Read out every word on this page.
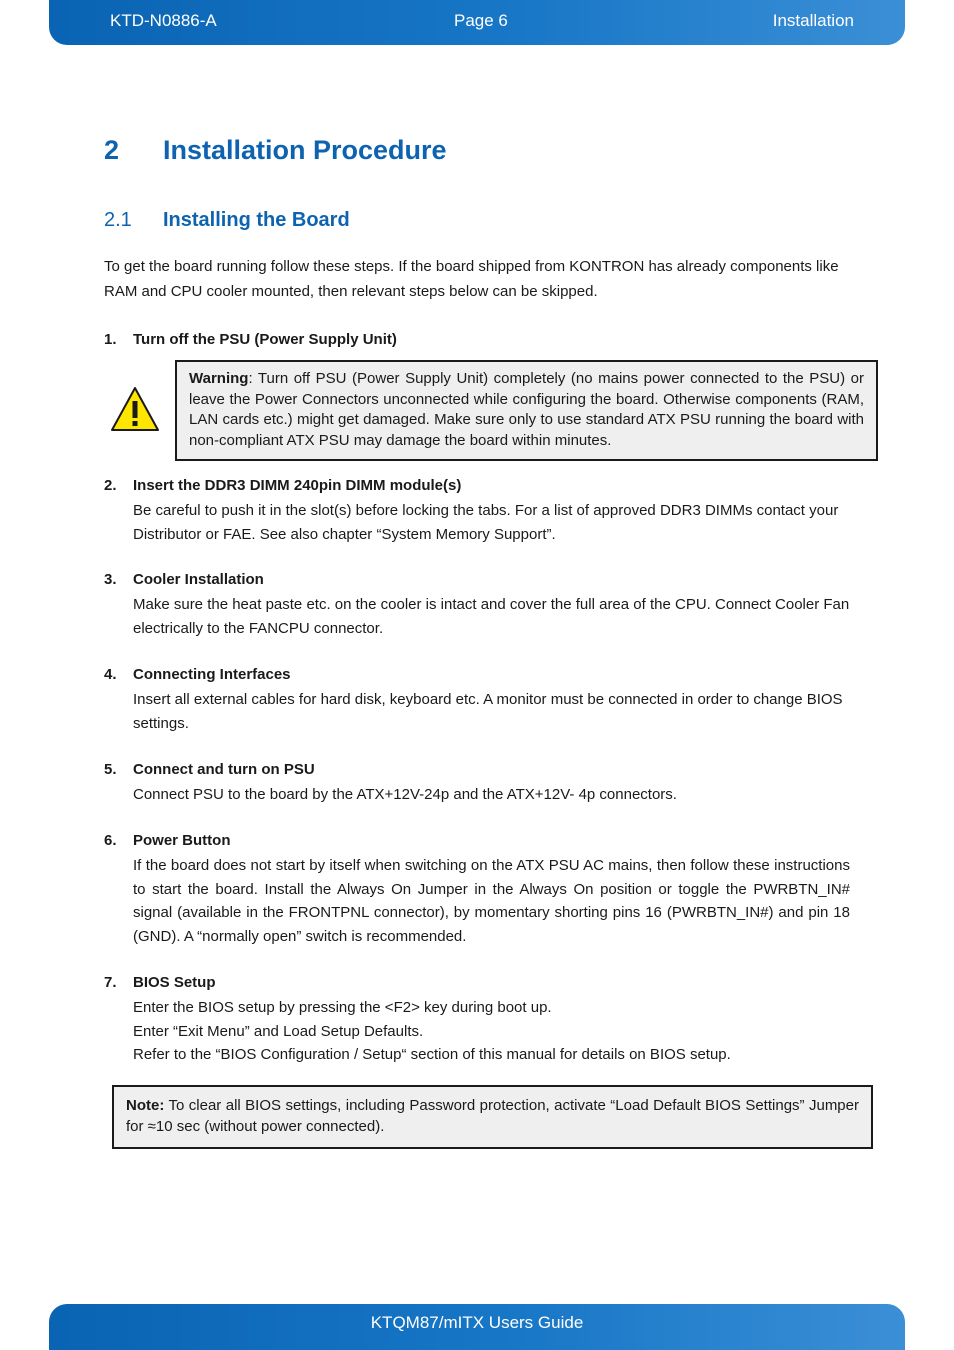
KTD-N0886-A	Page 6	Installation
2 Installation Procedure
2.1 Installing the Board

To get the board running follow these steps. If the board shipped from KONTRON has already components like RAM and CPU cooler mounted, then relevant steps below can be skipped.

1. Turn off the PSU (Power Supply Unit)
Warning: Turn off PSU (Power Supply Unit) completely (no mains power connected to the PSU) or leave the Power Connectors unconnected while configuring the board. Otherwise components (RAM, LAN cards etc.) might get damaged. Make sure only to use standard ATX PSU running the board with non-compliant ATX PSU may damage the board within minutes.
2. Insert the DDR3 DIMM 240pin DIMM module(s)

Be careful to push it in the slot(s) before locking the tabs. For a list of approved DDR3 DIMMs contact your Distributor or FAE. See also chapter “System Memory Support”.

3. Cooler Installation

Make sure the heat paste etc. on the cooler is intact and cover the full area of the CPU. Connect Cooler Fan electrically to the FANCPU connector.

4. Connecting Interfaces

Insert all external cables for hard disk, keyboard etc. A monitor must be connected in order to change BIOS settings.

5. Connect and turn on PSU

Connect PSU to the board by the ATX+12V-24p and the ATX+12V- 4p connectors.

6. Power Button

If the board does not start by itself when switching on the ATX PSU AC mains, then follow these instructions to start the board. Install the Always On Jumper in the Always On position or toggle the PWRBTN_IN# signal (available in the FRONTPNL connector), by momentary shorting pins 16 (PWRBTN_IN#) and pin 18 (GND). A “normally open” switch is recommended.

7. BIOS Setup
Enter the BIOS setup by pressing the <F2> key during boot up.
Enter “Exit Menu” and Load Setup Defaults.
Refer to the “BIOS Configuration / Setup“ section of this manual for details on BIOS setup.
Note: To clear all BIOS settings, including Password protection, activate “Load Default BIOS Settings” Jumper for ≈10 sec (without power connected).
KTQM87/mITX Users Guide
